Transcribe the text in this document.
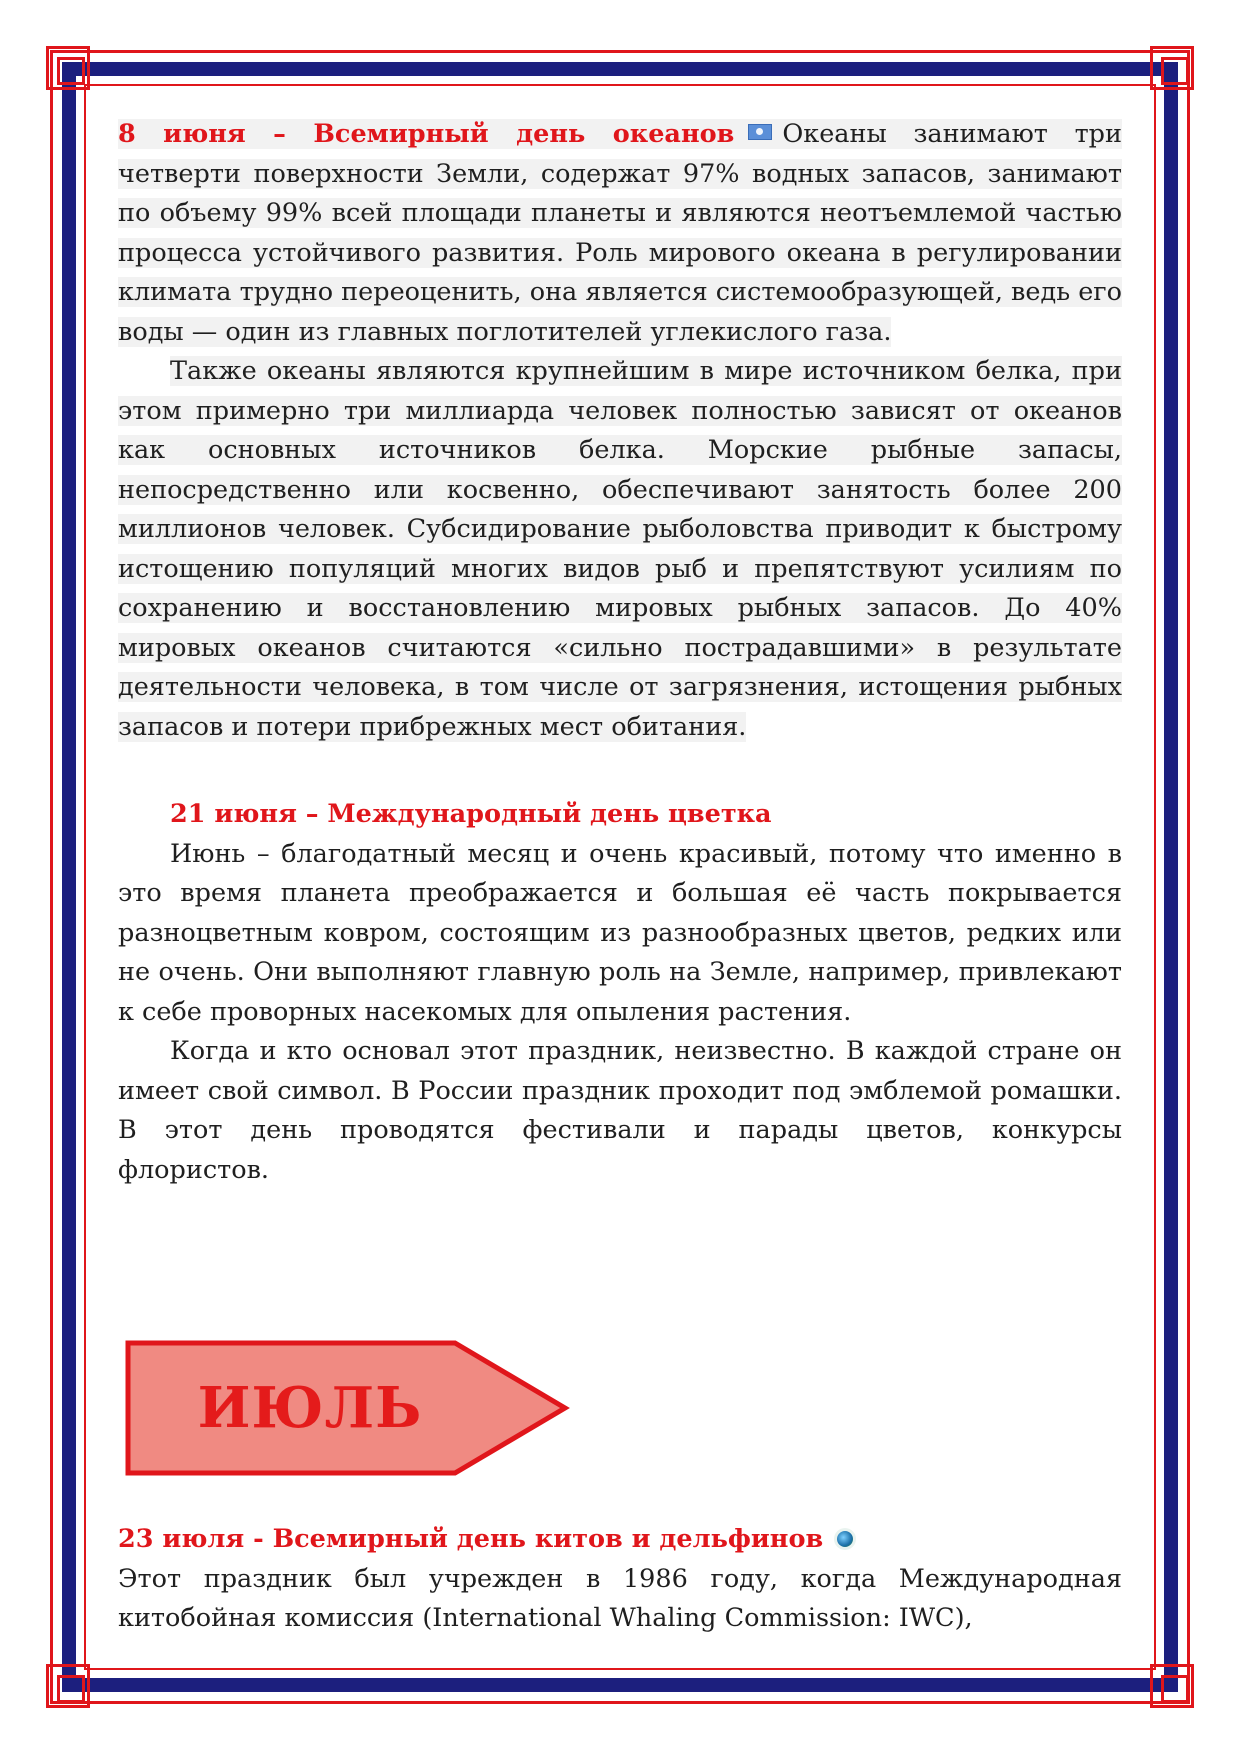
8 июня – Всемирный день океанов Океаны занимают три четверти поверхности Земли, содержат 97% водных запасов, занимают по объему 99% всей площади планеты и являются неотъемлемой частью процесса устойчивого развития. Роль мирового океана в регулировании климата трудно переоценить, она является системообразующей, ведь его воды — один из главных поглотителей углекислого газа.

Также океаны являются крупнейшим в мире источником белка, при этом примерно три миллиарда человек полностью зависят от океанов как основных источников белка. Морские рыбные запасы, непосредственно или косвенно, обеспечивают занятость более 200 миллионов человек. Субсидирование рыболовства приводит к быстрому истощению популяций многих видов рыб и препятствуют усилиям по сохранению и восстановлению мировых рыбных запасов. До 40% мировых океанов считаются «сильно пострадавшими» в результате деятельности человека, в том числе от загрязнения, истощения рыбных запасов и потери прибрежных мест обитания.

21 июня – Международный день цветка

Июнь – благодатный месяц и очень красивый, потому что именно в это время планета преображается и большая её часть покрывается разноцветным ковром, состоящим из разнообразных цветов, редких или не очень. Они выполняют главную роль на Земле, например, привлекают к себе проворных насекомых для опыления растения.

Когда и кто основал этот праздник, неизвестно. В каждой стране он имеет свой символ. В России праздник проходит под эмблемой ромашки. В этот день проводятся фестивали и парады цветов, конкурсы флористов.

ИЮЛЬ

23 июля - Всемирный день китов и дельфинов

Этот праздник был учрежден в 1986 году, когда Международная китобойная комиссия (International Whaling Commission: IWC),
